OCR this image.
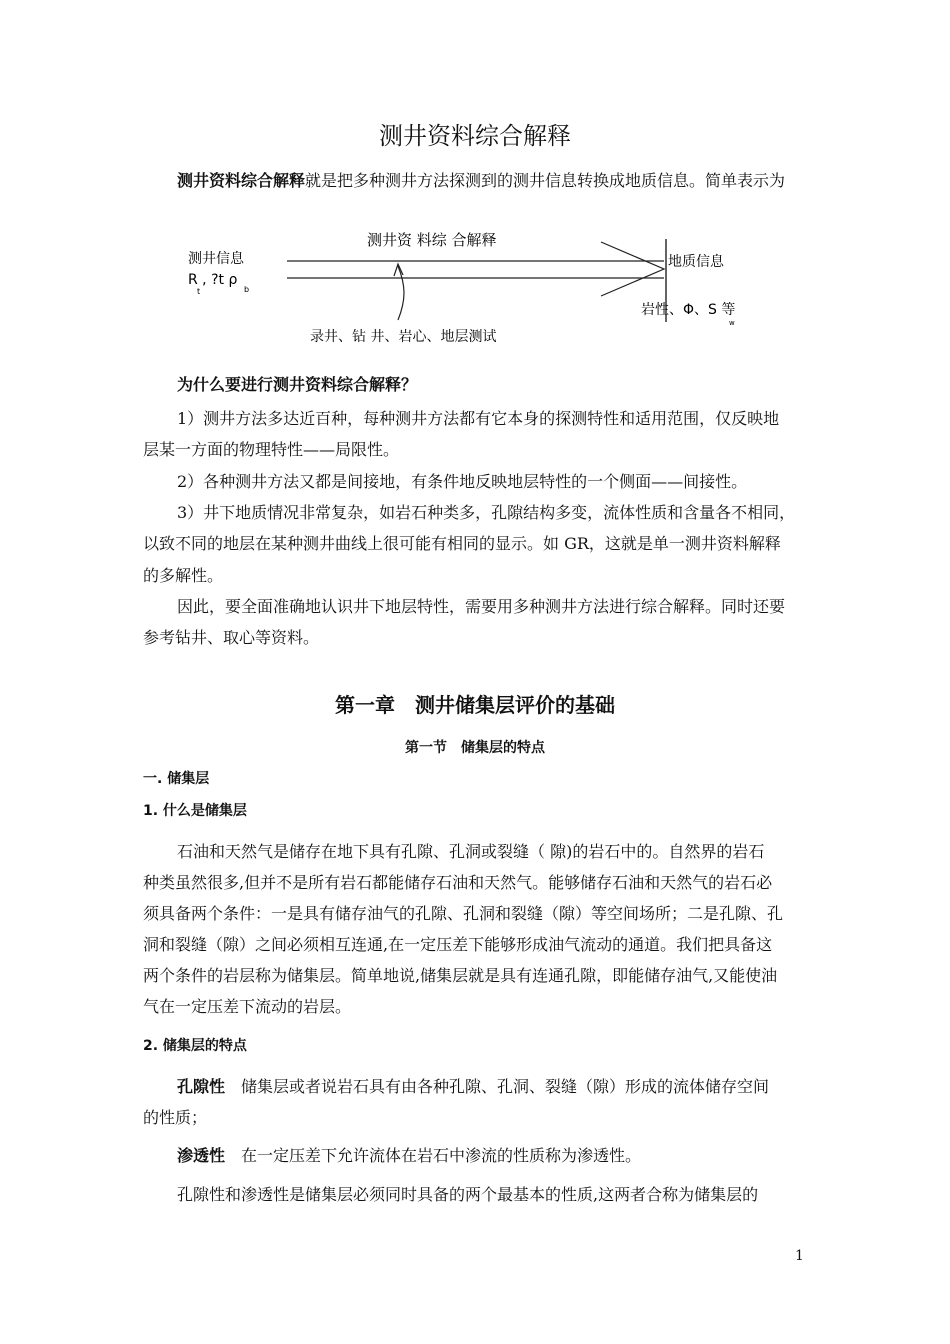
测井资料综合解释
测井资料综合解释就是把多种测井方法探测到的测井信息转换成地质信息。简单表示为
测井资 料综 合解释
测井信息
R , ?t ρ
t	b
地质信息
岩性、Φ、S 等
w
录井、钻 井、岩心、地层测试
为什么要进行测井资料综合解释？
1）测井方法多达近百种，每种测井方法都有它本身的探测特性和适用范围，仅反映地
层某一方面的物理特性——局限性。
2）各种测井方法又都是间接地，有条件地反映地层特性的一个侧面——间接性。
3）井下地质情况非常复杂，如岩石种类多，孔隙结构多变，流体性质和含量各不相同，
以致不同的地层在某种测井曲线上很可能有相同的显示。如 GR，这就是单一测井资料解释
的多解性。
因此，要全面准确地认识井下地层特性，需要用多种测井方法进行综合解释。同时还要
参考钻井、取心等资料。
第一章　测井储集层评价的基础
第一节　储集层的特点
一. 储集层
1. 什么是储集层
石油和天然气是储存在地下具有孔隙、孔洞或裂缝（ 隙)的岩石中的。自然界的岩石
种类虽然很多,但并不是所有岩石都能储存石油和天然气。能够储存石油和天然气的岩石必
须具备两个条件：一是具有储存油气的孔隙、孔洞和裂缝（隙）等空间场所；二是孔隙、孔
洞和裂缝（隙）之间必须相互连通,在一定压差下能够形成油气流动的通道。我们把具备这
两个条件的岩层称为储集层。简单地说,储集层就是具有连通孔隙，即能储存油气,又能使油
气在一定压差下流动的岩层。
2. 储集层的特点
孔隙性 储集层或者说岩石具有由各种孔隙、孔洞、裂缝（隙）形成的流体储存空间
的性质；
渗透性 在一定压差下允许流体在岩石中渗流的性质称为渗透性。
孔隙性和渗透性是储集层必须同时具备的两个最基本的性质,这两者合称为储集层的
1
